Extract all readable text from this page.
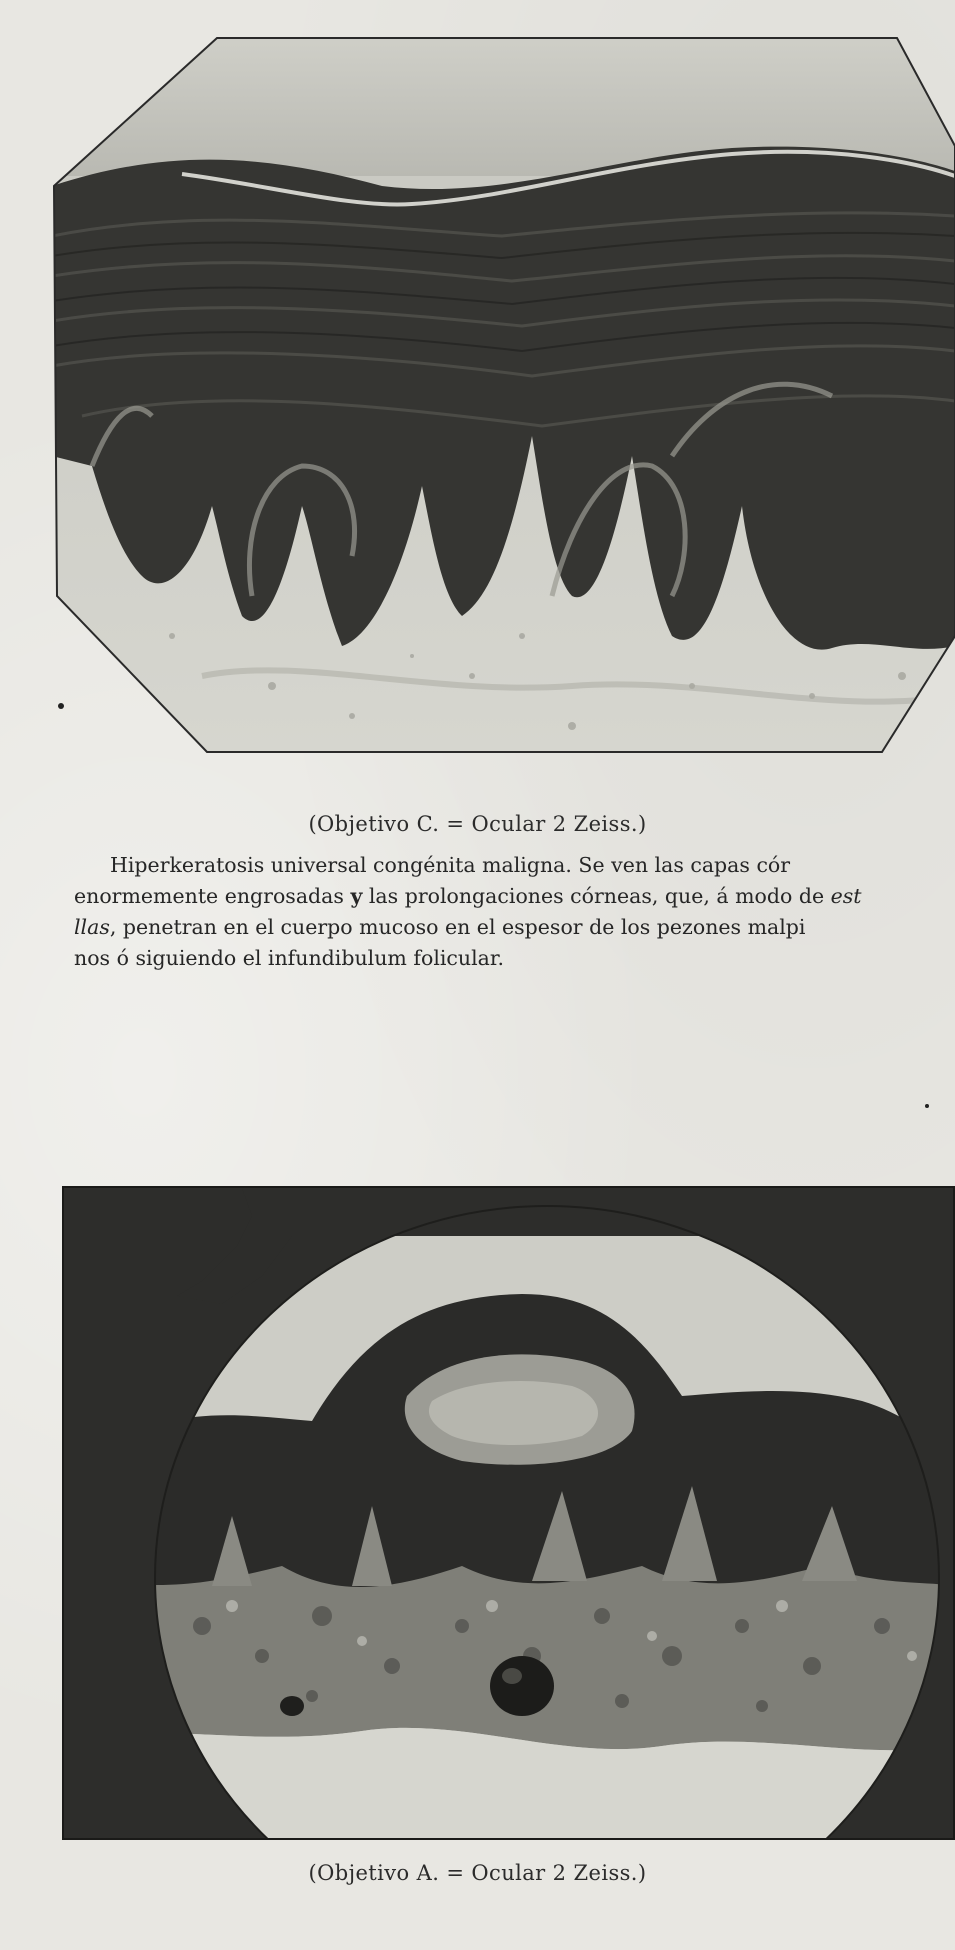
(Objetivo C. = Ocular 2 Zeiss.)

Hiperkeratosis universal congénita maligna. Se ven las capas cór

enormemente engrosadas y las prolongaciones córneas, que, á modo de est

llas, penetran en el cuerpo mucoso en el espesor de los pezones malpi

nos ó siguiendo el infundibulum folicular.

(Objetivo A. = Ocular 2 Zeiss.)
